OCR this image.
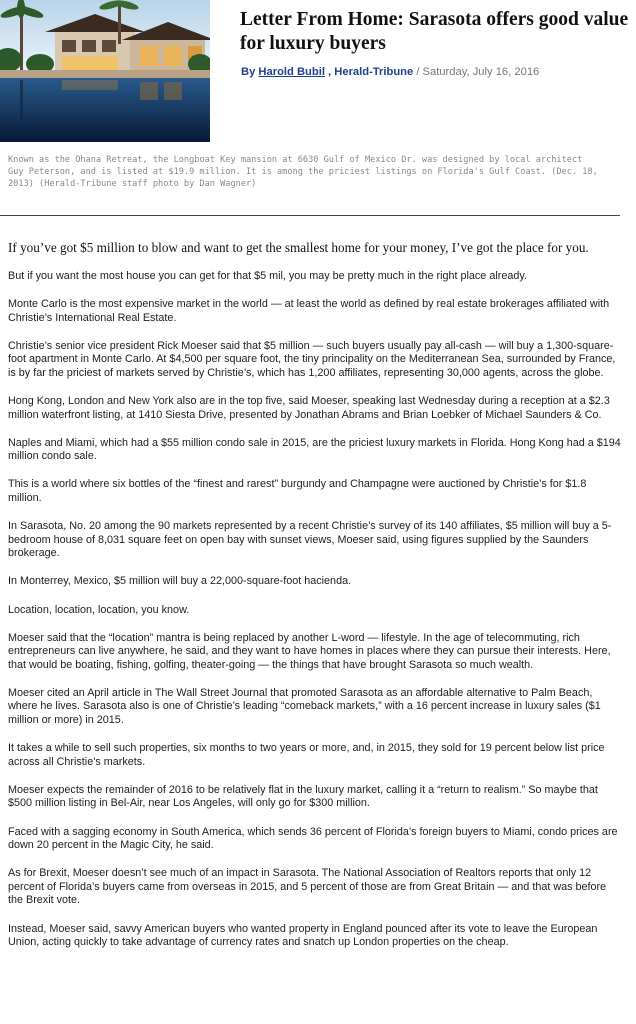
Letter From Home: Sarasota offers good value for luxury buyers
By Harold Bubil , Herald-Tribune / Saturday, July 16, 2016
Known as the Ohana Retreat, the Longboat Key mansion at 6630 Gulf of Mexico Dr. was designed by local architect Guy Peterson, and is listed at $19.9 million. It is among the priciest listings on Florida's Gulf Coast. (Dec. 18, 2013) (Herald-Tribune staff photo by Dan Wagner)
If you’ve got $5 million to blow and want to get the smallest home for your money, I’ve got the place for you.

But if you want the most house you can get for that $5 mil, you may be pretty much in the right place already.

Monte Carlo is the most expensive market in the world — at least the world as defined by real estate brokerages affiliated with Christie’s International Real Estate.

Christie’s senior vice president Rick Moeser said that $5 million — such buyers usually pay all-cash — will buy a 1,300-square-foot apartment in Monte Carlo. At $4,500 per square foot, the tiny principality on the Mediterranean Sea, surrounded by France, is by far the priciest of markets served by Christie’s, which has 1,200 affiliates, representing 30,000 agents, across the globe.

Hong Kong, London and New York also are in the top five, said Moeser, speaking last Wednesday during a reception at a $2.3 million waterfront listing, at 1410 Siesta Drive, presented by Jonathan Abrams and Brian Loebker of Michael Saunders & Co.

Naples and Miami, which had a $55 million condo sale in 2015, are the priciest luxury markets in Florida. Hong Kong had a $194 million condo sale.

This is a world where six bottles of the “finest and rarest” burgundy and Champagne were auctioned by Christie’s for $1.8 million.

In Sarasota, No. 20 among the 90 markets represented by a recent Christie’s survey of its 140 affiliates, $5 million will buy a 5-bedroom house of 8,031 square feet on open bay with sunset views, Moeser said, using figures supplied by the Saunders brokerage.

In Monterrey, Mexico, $5 million will buy a 22,000-square-foot hacienda.

Location, location, location, you know.

Moeser said that the “location” mantra is being replaced by another L-word — lifestyle. In the age of telecommuting, rich entrepreneurs can live anywhere, he said, and they want to have homes in places where they can pursue their interests. Here, that would be boating, fishing, golfing, theater-going — the things that have brought Sarasota so much wealth.

Moeser cited an April article in The Wall Street Journal that promoted Sarasota as an affordable alternative to Palm Beach, where he lives. Sarasota also is one of Christie’s leading “comeback markets,” with a 16 percent increase in luxury sales ($1 million or more) in 2015.

It takes a while to sell such properties, six months to two years or more, and, in 2015, they sold for 19 percent below list price across all Christie’s markets.

Moeser expects the remainder of 2016 to be relatively flat in the luxury market, calling it a “return to realism.” So maybe that $500 million listing in Bel-Air, near Los Angeles, will only go for $300 million.

Faced with a sagging economy in South America, which sends 36 percent of Florida’s foreign buyers to Miami, condo prices are down 20 percent in the Magic City, he said.

As for Brexit, Moeser doesn’t see much of an impact in Sarasota. The National Association of Realtors reports that only 12 percent of Florida’s buyers came from overseas in 2015, and 5 percent of those are from Great Britain — and that was before the Brexit vote.

Instead, Moeser said, savvy American buyers who wanted property in England pounced after its vote to leave the European Union, acting quickly to take advantage of currency rates and snatch up London properties on the cheap.
